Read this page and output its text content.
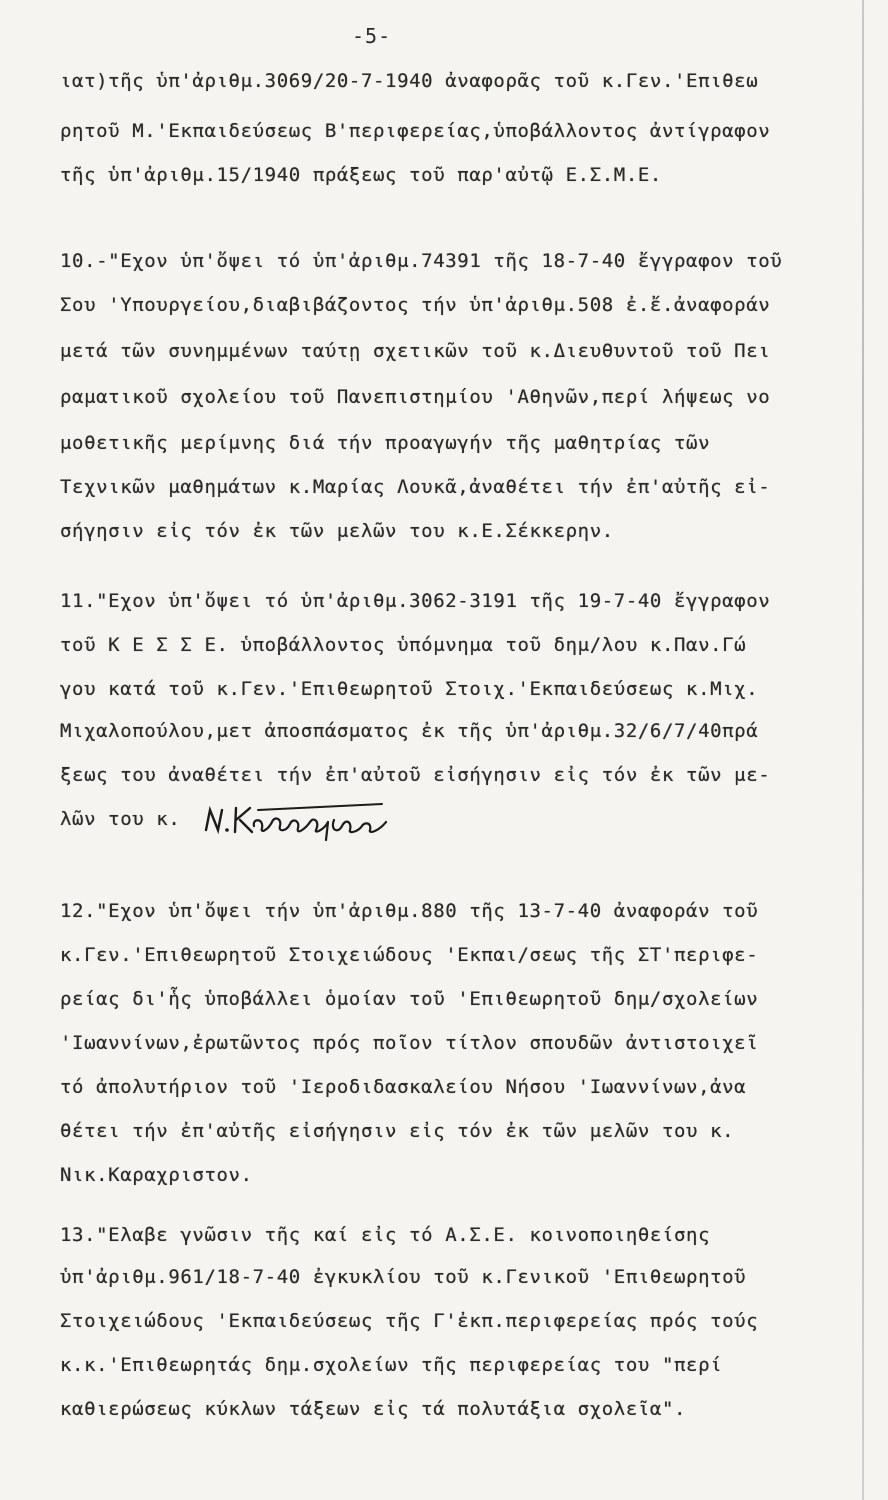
-5-
ιατ)τῆς ὑπ'ἀριθμ.3069/20-7-1940 ἀναφορᾶς τοῦ κ.Γεν.'Επιθεω
ρητοῦ Μ.'Εκπαιδεύσεως Β'περιφερείας,ὑποβάλλοντος ἀντίγραφον
τῆς ὑπ'ἀριθμ.15/1940 πράξεως τοῦ παρ'αὐτῷ Ε.Σ.Μ.Ε.
10.-"Εχον ὑπ'ὄψει τό ὑπ'ἀριθμ.74391 τῆς 18-7-40 ἔγγραφον τοῦ
Σου 'Υπουργείου,διαβιβάζοντος τήν ὑπ'ἀριθμ.508 ἐ.ἔ.ἀναφοράν
μετά τῶν συνημμένων ταύτῃ σχετικῶν τοῦ κ.Διευθυντοῦ τοῦ Πει
ραματικοῦ σχολείου τοῦ Πανεπιστημίου 'Αθηνῶν,περί λήψεως νο
μοθετικῆς μερίμνης διά τήν προαγωγήν τῆς μαθητρίας τῶν
Τεχνικῶν μαθημάτων κ.Μαρίας Λουκᾶ,ἀναθέτει τήν ἐπ'αὐτῆς εἰ-
σήγησιν εἰς τόν ἐκ τῶν μελῶν του κ.Ε.Σέκκερην.
11."Εχον ὑπ'ὄψει τό ὑπ'ἀριθμ.3062-3191 τῆς 19-7-40 ἔγγραφον
τοῦ Κ Ε Σ Σ Ε. ὑποβάλλοντος ὑπόμνημα τοῦ δημ/λου κ.Παν.Γώ
γου κατά τοῦ κ.Γεν.'Επιθεωρητοῦ Στοιχ.'Εκπαιδεύσεως κ.Μιχ.
Μιχαλοπούλου,μετ ἀποσπάσματος ἐκ τῆς ὑπ'ἀριθμ.32/6/7/40πρά
ξεως του ἀναθέτει τήν ἐπ'αὐτοῦ εἰσήγησιν εἰς τόν ἐκ τῶν με-
λῶν του κ.
12."Εχον ὑπ'ὄψει τήν ὑπ'ἀριθμ.880 τῆς 13-7-40 ἀναφοράν τοῦ
κ.Γεν.'Επιθεωρητοῦ Στοιχειώδους 'Εκπαι/σεως τῆς ΣΤ'περιφε-
ρείας δι'ἧς ὑποβάλλει ὁμοίαν τοῦ 'Επιθεωρητοῦ δημ/σχολείων
'Ιωαννίνων,ἐρωτῶντος πρός ποῖον τίτλον σπουδῶν ἀντιστοιχεῖ
τό ἀπολυτήριον τοῦ 'Ιεροδιδασκαλείου Νήσου 'Ιωαννίνων,ἀνα
θέτει τήν ἐπ'αὐτῆς εἰσήγησιν εἰς τόν ἐκ τῶν μελῶν του κ.
Νικ.Καραχριστον.
13."Ελαβε γνῶσιν τῆς καί εἰς τό Α.Σ.Ε. κοινοποιηθείσης
ὑπ'ἀριθμ.961/18-7-40 ἐγκυκλίου τοῦ κ.Γενικοῦ 'Επιθεωρητοῦ
Στοιχειώδους 'Εκπαιδεύσεως τῆς Γ'ἐκπ.περιφερείας πρός τούς
κ.κ.'Επιθεωρητάς δημ.σχολείων τῆς περιφερείας του "περί
καθιερώσεως κύκλων τάξεων εἰς τά πολυτάξια σχολεῖα".
